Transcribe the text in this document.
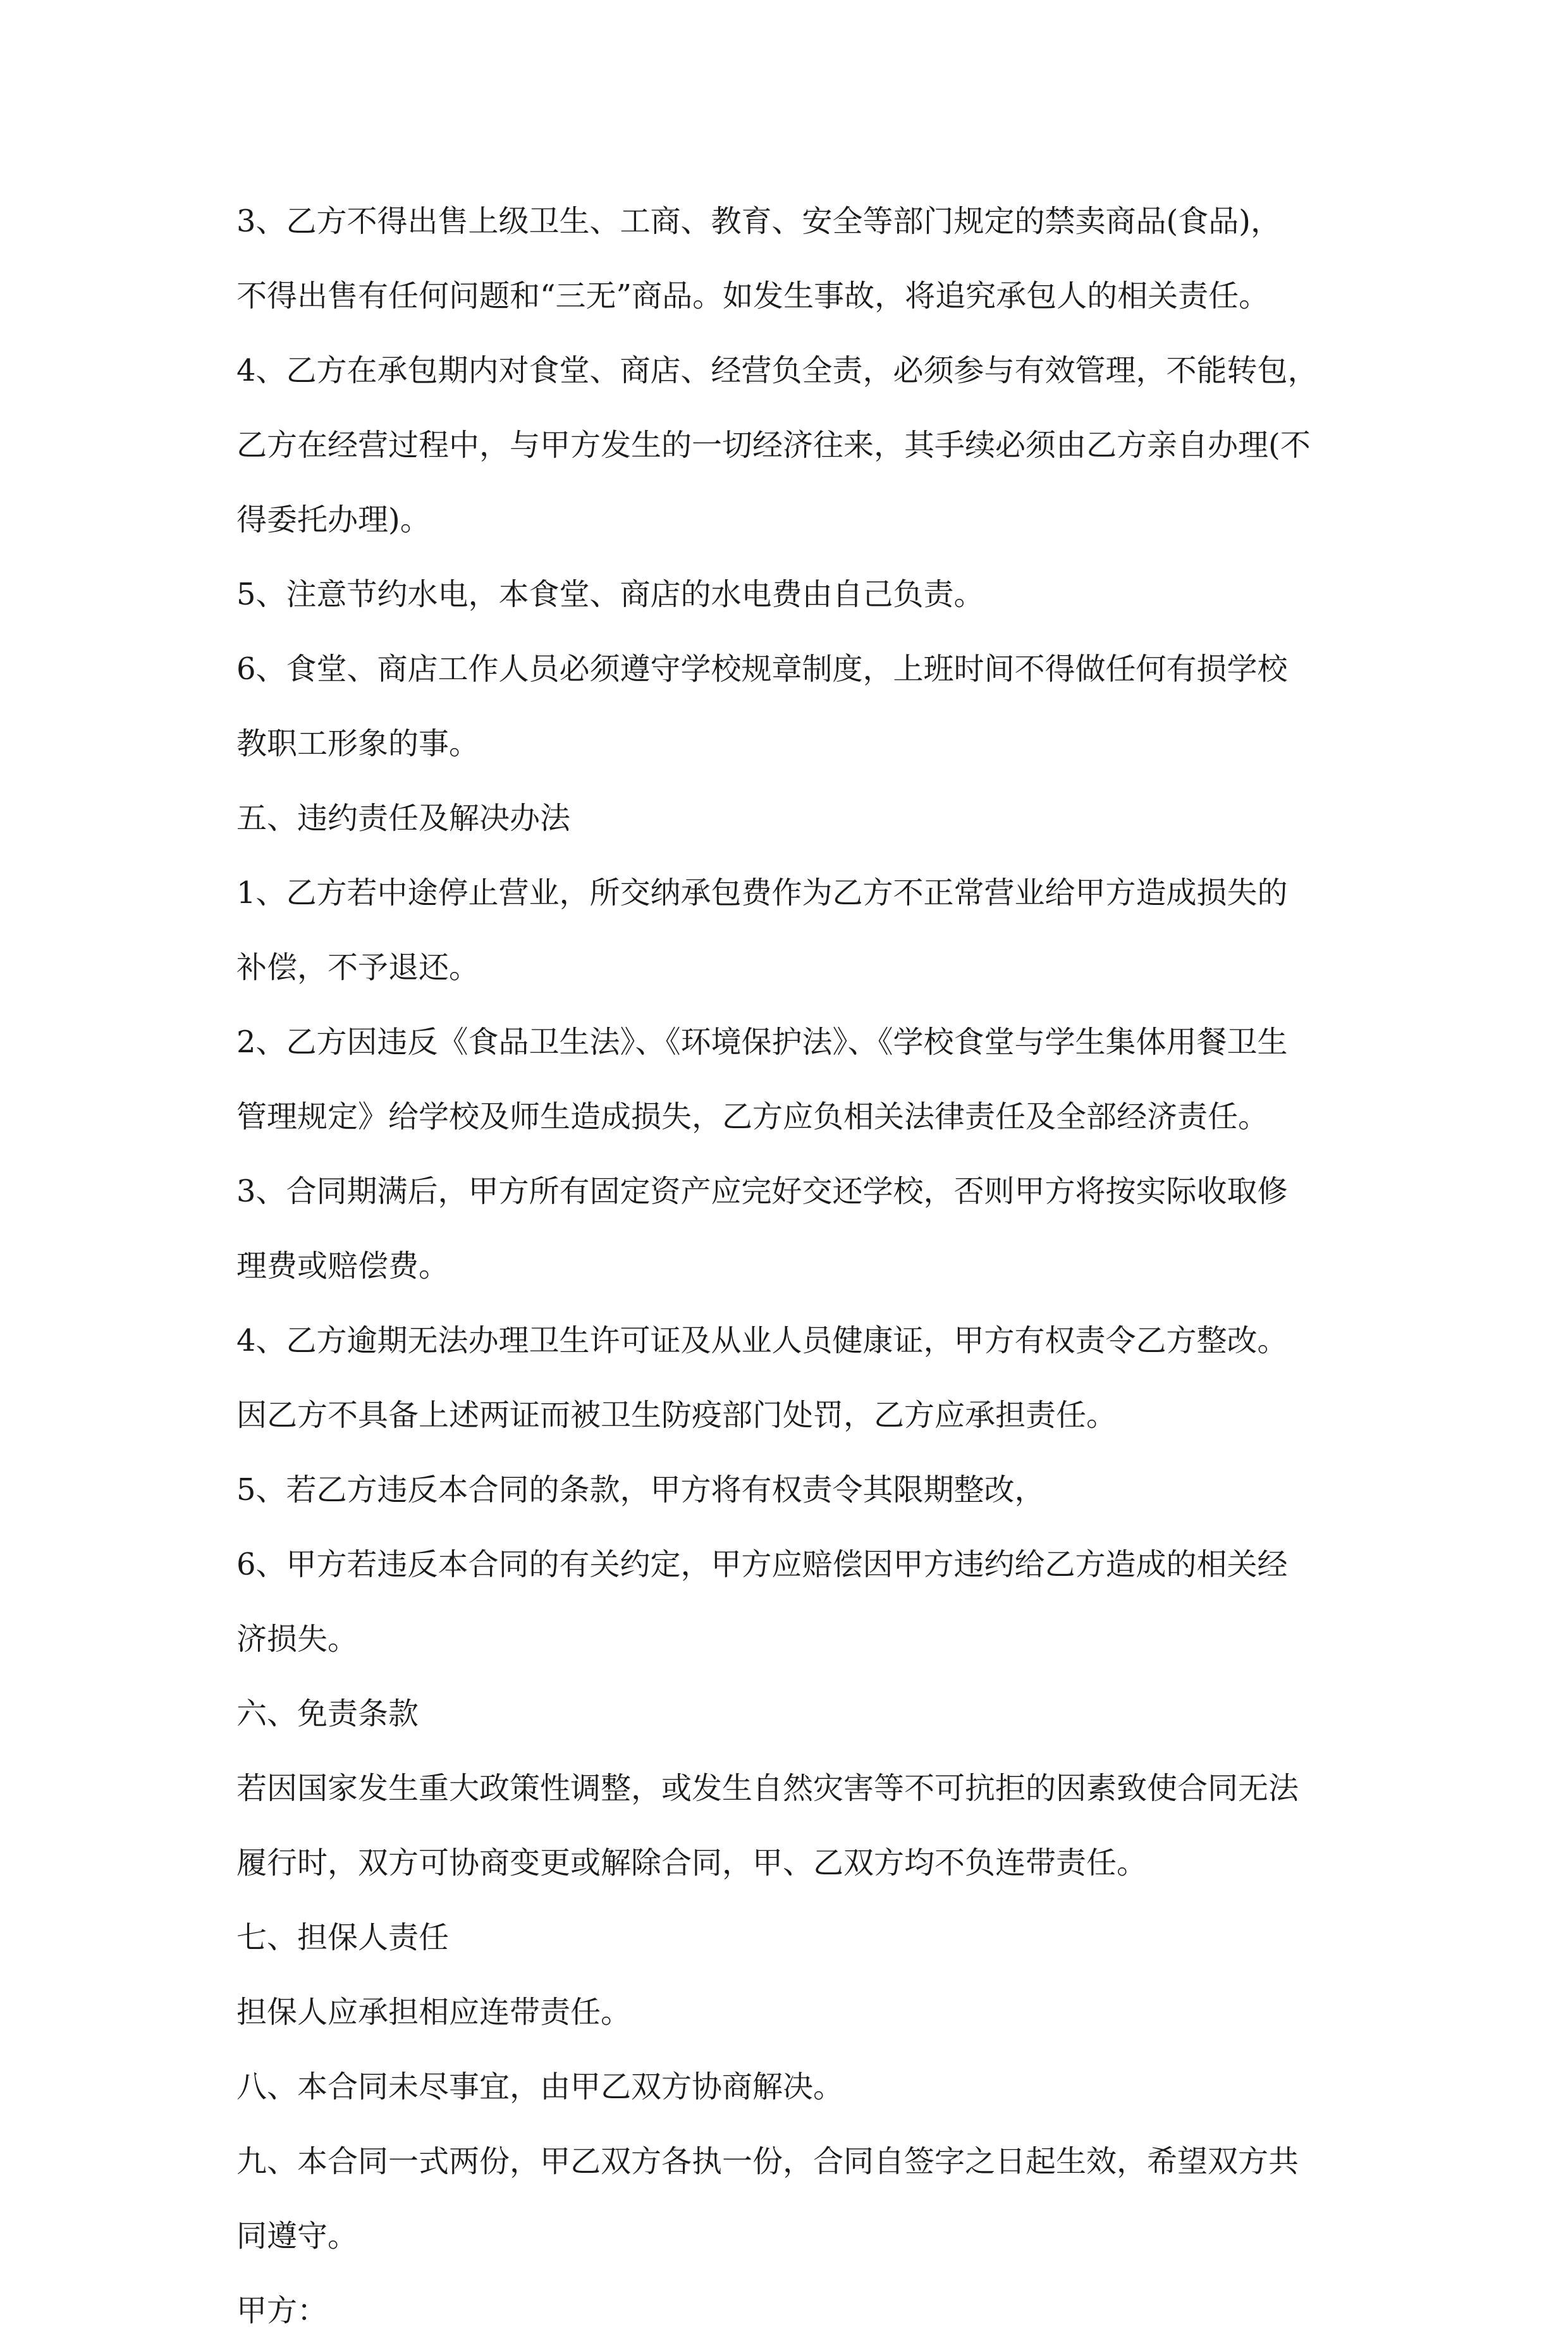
3、乙方不得出售上级卫生、工商、教育、安全等部门规定的禁卖商品(食品)，
不得出售有任何问题和“三无”商品。如发生事故，将追究承包人的相关责任。
4、乙方在承包期内对食堂、商店、经营负全责，必须参与有效管理，不能转包，
乙方在经营过程中，与甲方发生的一切经济往来，其手续必须由乙方亲自办理(不
得委托办理)。
5、注意节约水电，本食堂、商店的水电费由自己负责。
6、食堂、商店工作人员必须遵守学校规章制度，上班时间不得做任何有损学校
教职工形象的事。
五、违约责任及解决办法
1、乙方若中途停止营业，所交纳承包费作为乙方不正常营业给甲方造成损失的
补偿，不予退还。
2、乙方因违反《食品卫生法》、《环境保护法》、《学校食堂与学生集体用餐卫生
管理规定》给学校及师生造成损失，乙方应负相关法律责任及全部经济责任。
3、合同期满后，甲方所有固定资产应完好交还学校，否则甲方将按实际收取修
理费或赔偿费。
4、乙方逾期无法办理卫生许可证及从业人员健康证，甲方有权责令乙方整改。
因乙方不具备上述两证而被卫生防疫部门处罚，乙方应承担责任。
5、若乙方违反本合同的条款，甲方将有权责令其限期整改，
6、甲方若违反本合同的有关约定，甲方应赔偿因甲方违约给乙方造成的相关经
济损失。
六、免责条款
若因国家发生重大政策性调整，或发生自然灾害等不可抗拒的因素致使合同无法
履行时，双方可协商变更或解除合同，甲、乙双方均不负连带责任。
七、担保人责任
担保人应承担相应连带责任。
八、本合同未尽事宜，由甲乙双方协商解决。
九、本合同一式两份，甲乙双方各执一份，合同自签字之日起生效，希望双方共
同遵守。
甲方：
